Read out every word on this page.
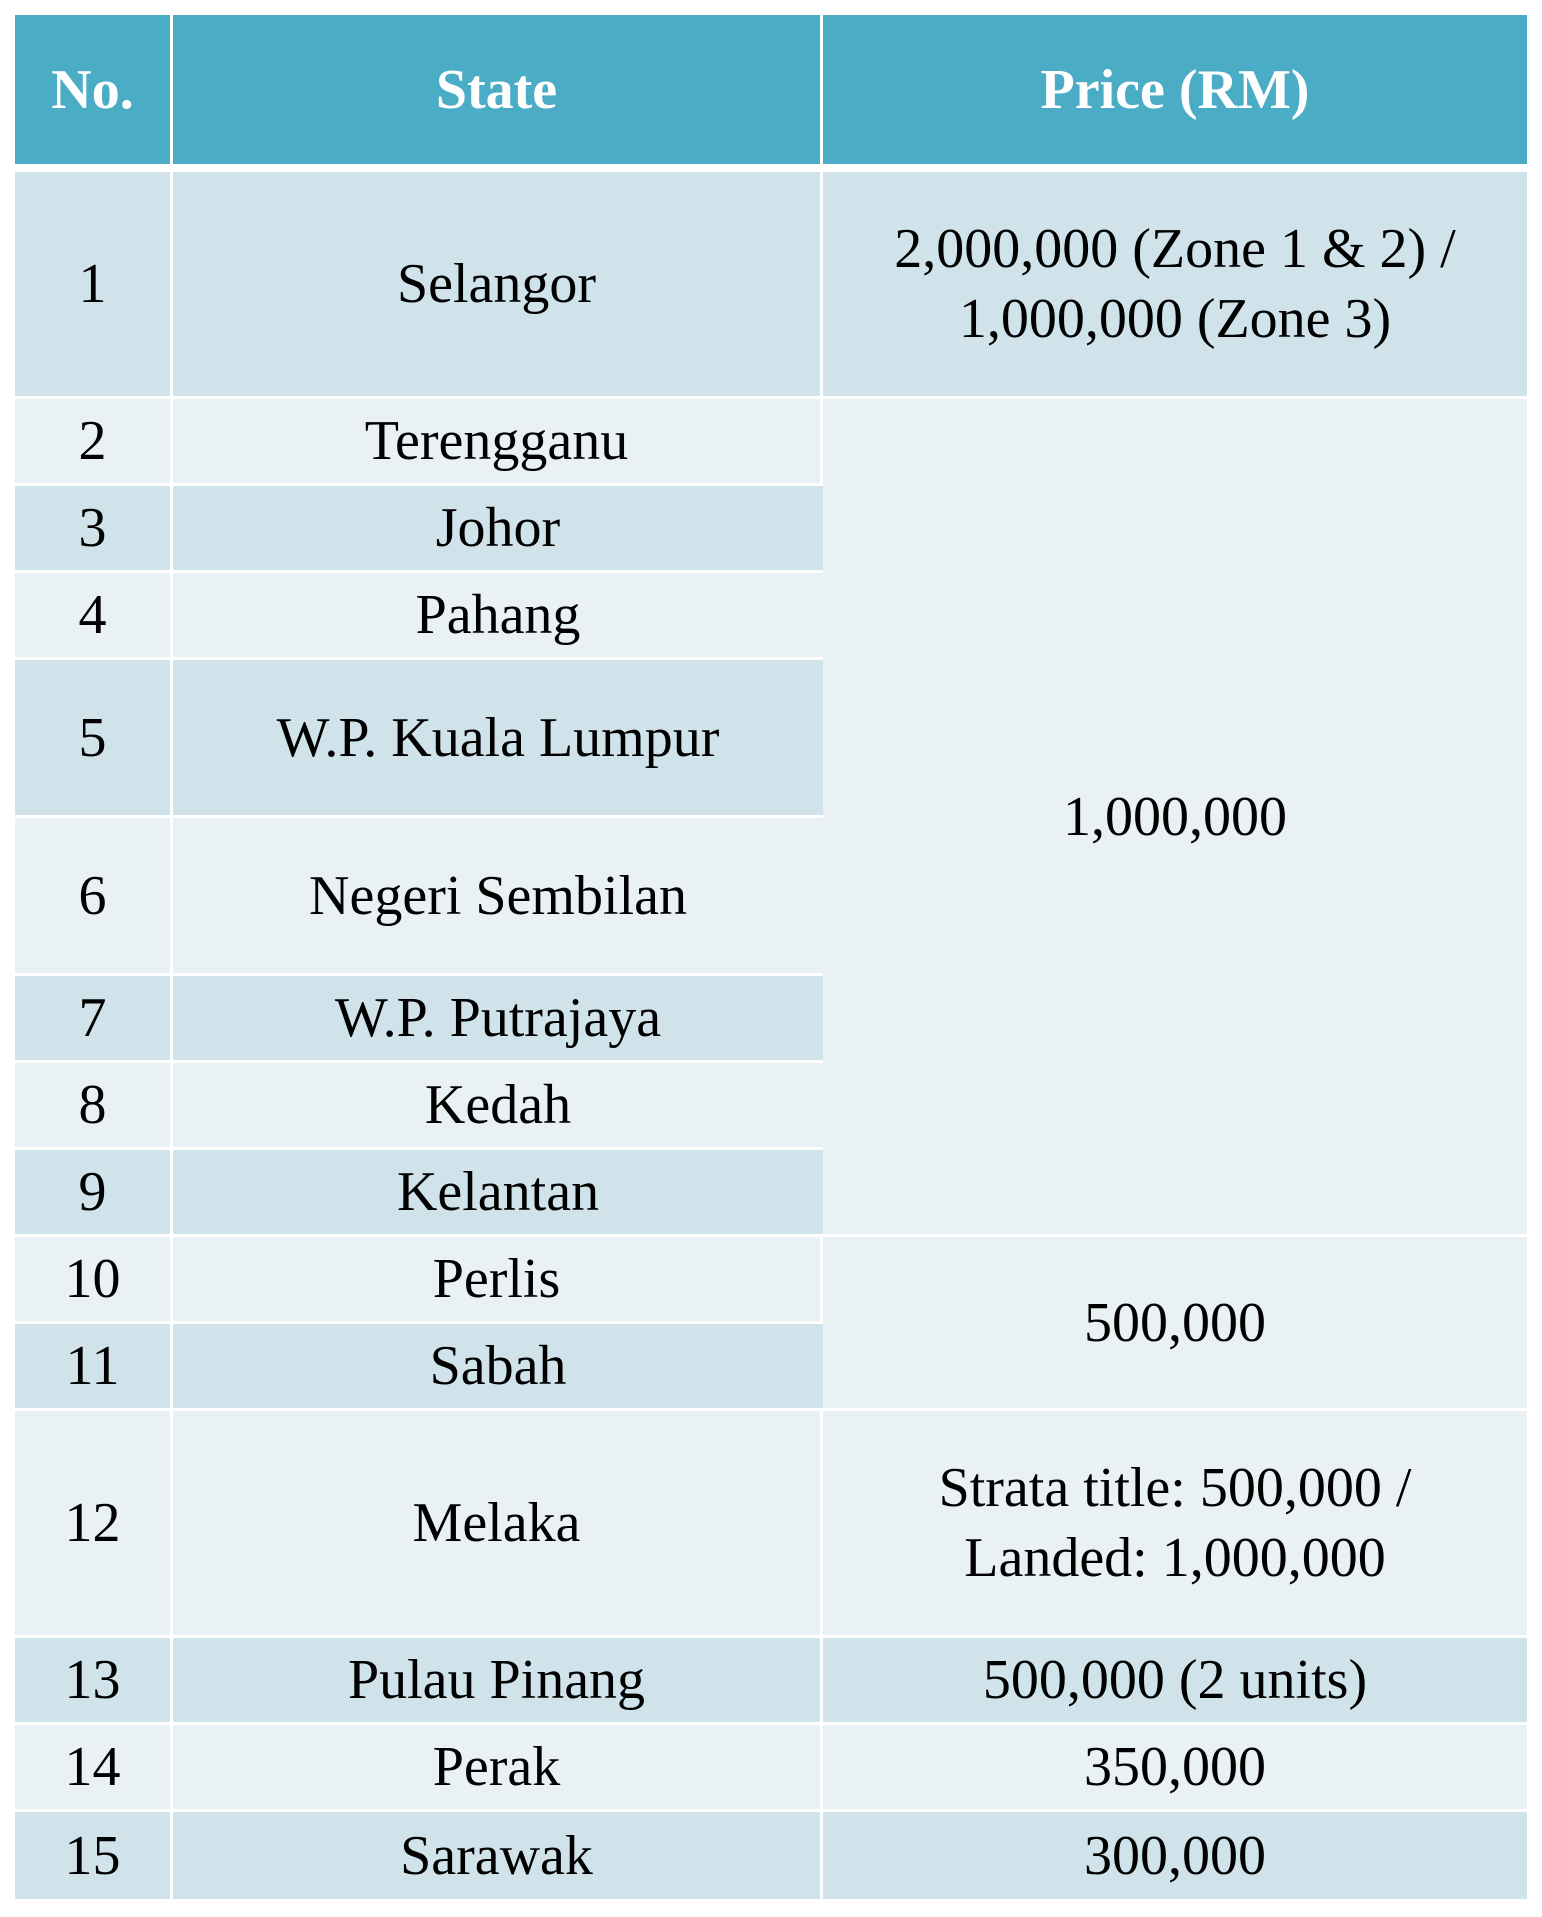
No.	State	Price (RM)
1	Selangor	2,000,000 (Zone 1 & 2) /
1,000,000 (Zone 3)

2	Terengganu	1,000,000
3	Johor	
4	Pahang	
5	W.P. Kuala Lumpur	
6	Negeri Sembilan	
7	W.P. Putrajaya	
8	Kedah	
9	Kelantan	
10	Perlis	500,000
11	Sabah	
12	Melaka	Strata title: 500,000 /
Landed: 1,000,000

13	Pulau Pinang	500,000 (2 units)
14	Perak	350,000
15	Sarawak	300,000
